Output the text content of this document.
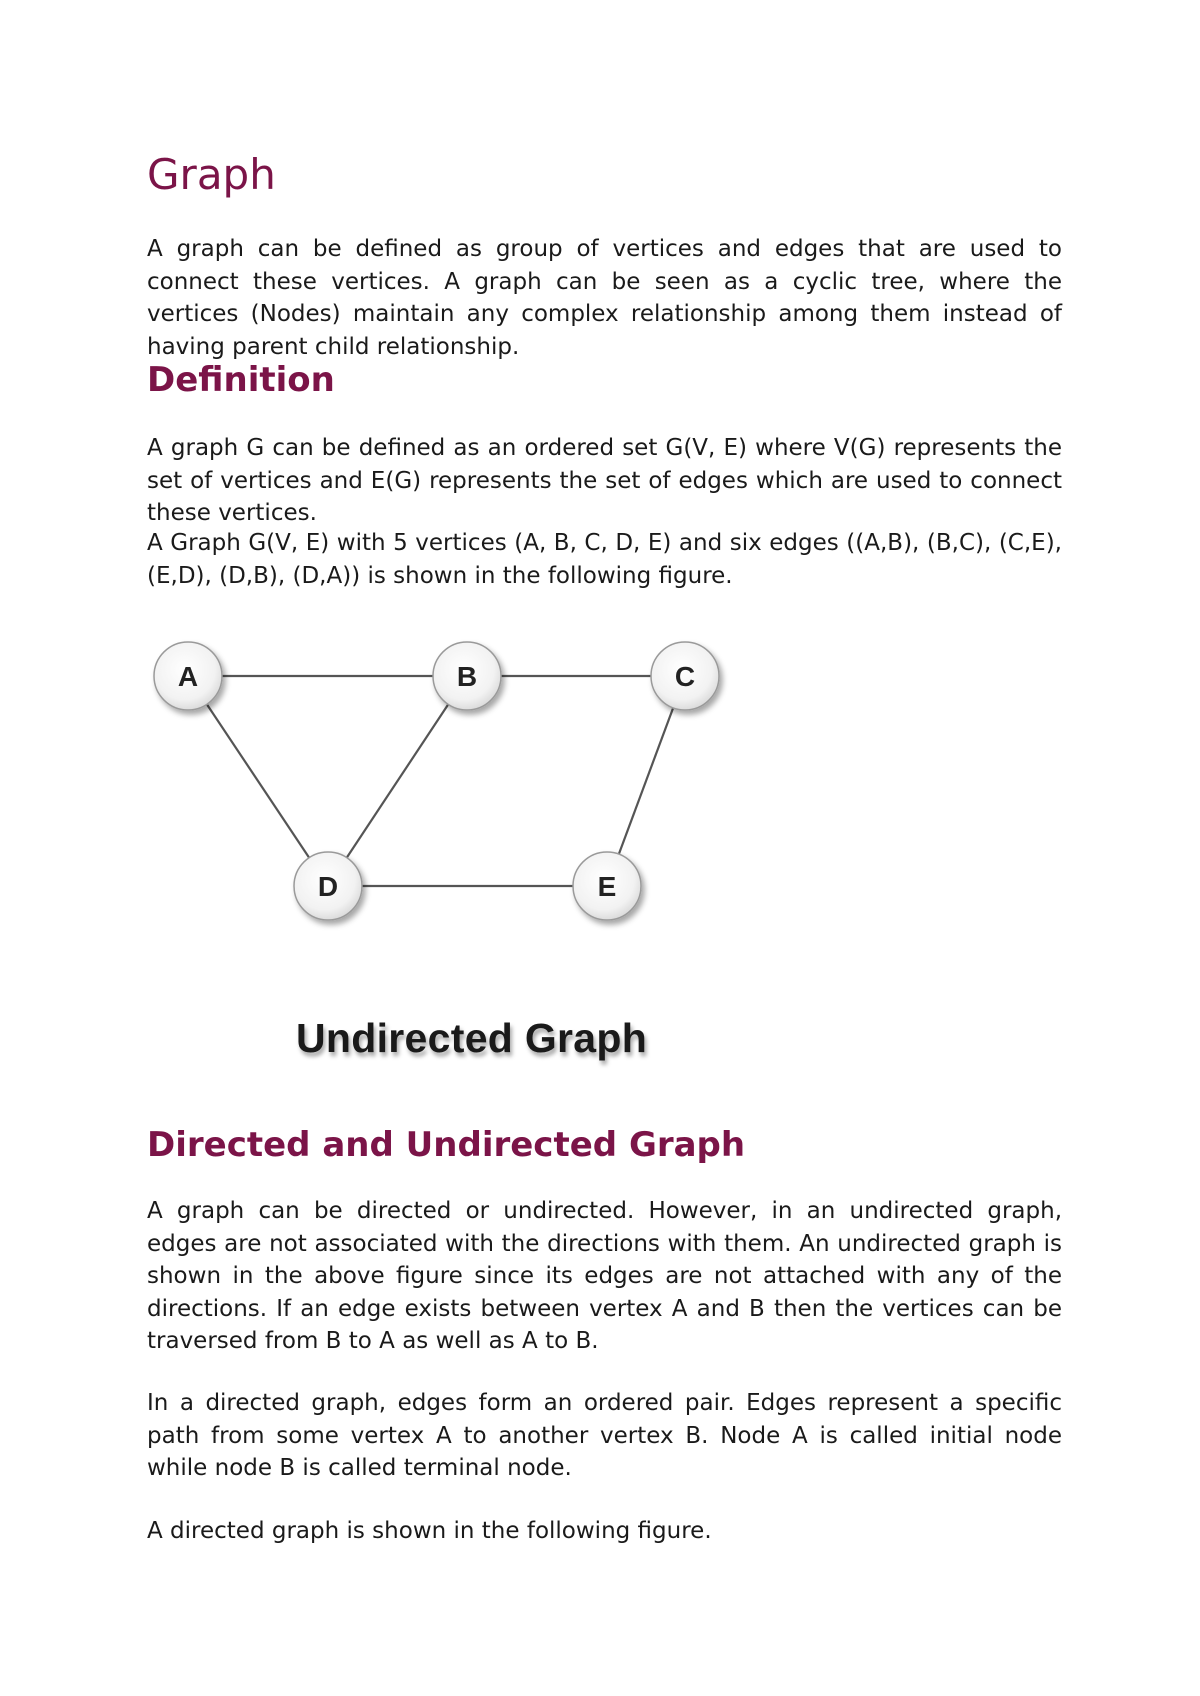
Graph

A graph can be defined as group of vertices and edges that are used to connect these vertices. A graph can be seen as a cyclic tree, where the vertices (Nodes) maintain any complex relationship among them instead of having parent child relationship.

Definition

A graph G can be defined as an ordered set G(V, E) where V(G) represents the set of vertices and E(G) represents the set of edges which are used to connect these vertices.

A Graph G(V, E) with 5 vertices (A, B, C, D, E) and six edges ((A,B), (B,C), (C,E), (E,D), (D,B), (D,A)) is shown in the following figure.

Directed and Undirected Graph

A graph can be directed or undirected. However, in an undirected graph, edges are not associated with the directions with them. An undirected graph is shown in the above figure since its edges are not attached with any of the directions. If an edge exists between vertex A and B then the vertices can be traversed from B to A as well as A to B.

In a directed graph, edges form an ordered pair. Edges represent a specific path from some vertex A to another vertex B. Node A is called initial node while node B is called terminal node.

A directed graph is shown in the following figure.

A	B	C
D	E
Undirected Graph
